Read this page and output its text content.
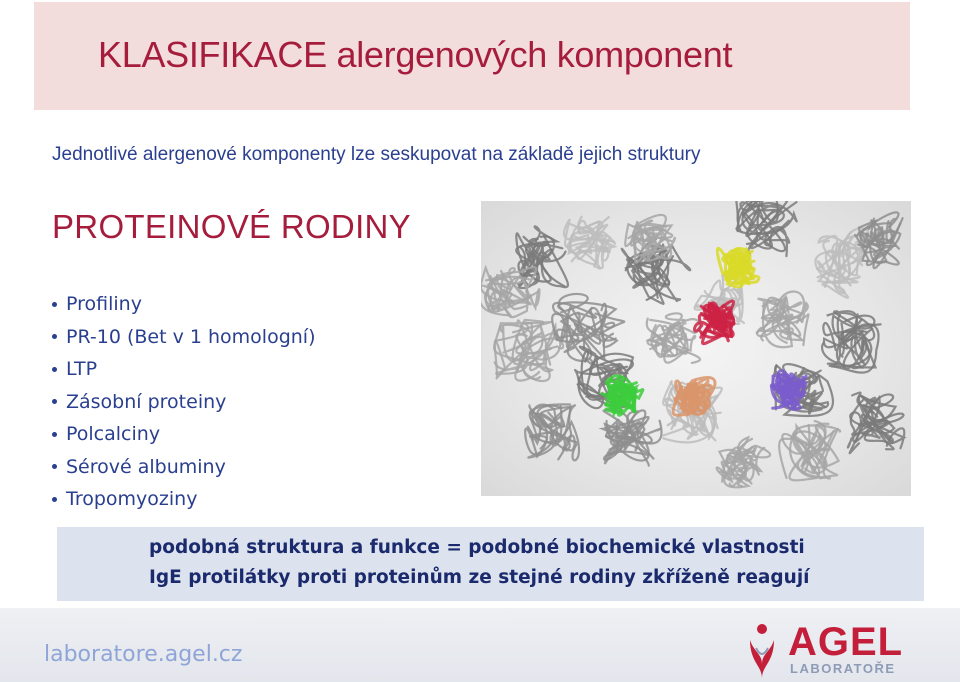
KLASIFIKACE alergenových komponent

Jednotlivé alergenové komponenty lze seskupovat na základě jejich struktury

PROTEINOVÉ RODINY
Profiliny
PR-10 (Bet v 1 homologní)
LTP
Zásobní proteiny
Polcalciny
Sérové albuminy
Tropomyoziny

podobná struktura a funkce = podobné biochemické vlastnosti

IgE protilátky proti proteinům ze stejné rodiny zkříženě reagují

laboratore.agel.cz	AGEL

LABORATOŘE
